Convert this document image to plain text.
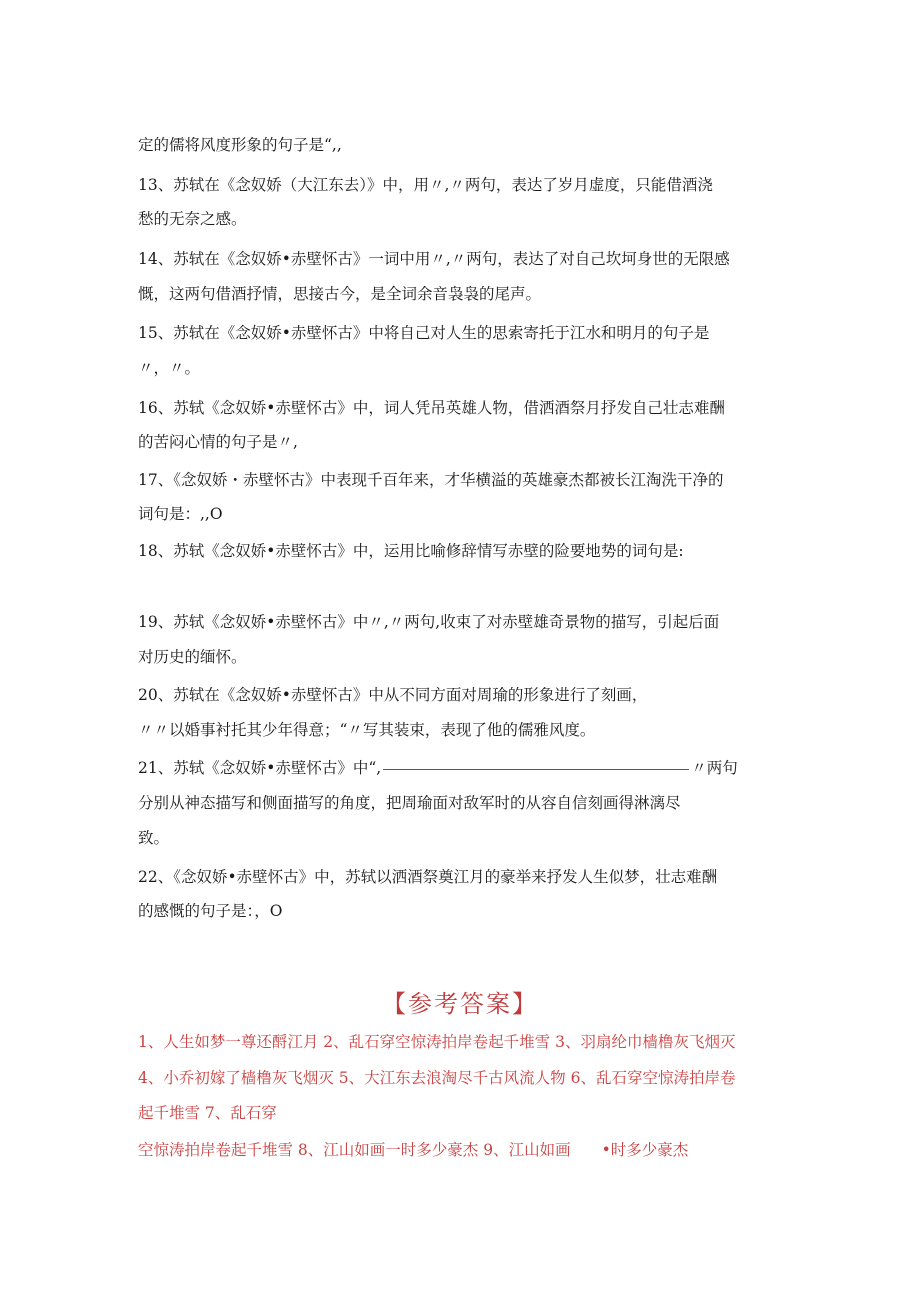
定的儒将风度形象的句子是“,,
13、苏轼在《念奴娇（大江东去）》中，用〃,〃两句，表达了岁月虚度，只能借酒浇
愁的无奈之感。
14、苏轼在《念奴娇•赤壁怀古》一词中用〃,〃两句，表达了对自己坎坷身世的无限感
慨，这两句借酒抒情，思接古今，是全词余音袅袅的尾声。
15、苏轼在《念奴娇•赤壁怀古》中将自己对人生的思索寄托于江水和明月的句子是
〃，〃。
16、苏轼《念奴娇•赤壁怀古》中，词人凭吊英雄人物，借洒酒祭月抒发自己壮志难酬
的苦闷心情的句子是〃,
17、《念奴娇・赤壁怀古》中表现千百年来，才华横溢的英雄豪杰都被长江淘洗干净的
词句是：,,O
18、苏轼《念奴娇•赤壁怀古》中，运用比喻修辞情写赤壁的险要地势的词句是:
19、苏轼《念奴娇•赤壁怀古》中〃,〃两句,收束了对赤壁雄奇景物的描写，引起后面
对历史的缅怀。
20、苏轼在《念奴娇•赤壁怀古》中从不同方面对周瑜的形象进行了刻画，
〃〃以婚事衬托其少年得意；“〃写其装束，表现了他的儒雅风度。
21、苏轼《念奴娇•赤壁怀古》中“,	〃两句
分别从神态描写和侧面描写的角度，把周瑜面对敌军时的从容自信刻画得淋漓尽
致。
22、《念奴娇•赤壁怀古》中，苏轼以洒酒祭奠江月的豪举来抒发人生似梦，壮志难酬
的感慨的句子是：，O
【参考答案】
1、人生如梦一尊还酹江月 2、乱石穿空惊涛拍岸卷起千堆雪 3、羽扇纶巾樯橹灰飞烟灭
4、小乔初嫁了樯橹灰飞烟灭 5、大江东去浪淘尽千古风流人物 6、乱石穿空惊涛拍岸卷
起千堆雪 7、乱石穿
空惊涛拍岸卷起千堆雪 8、江山如画一时多少豪杰 9、江山如画　　•时多少豪杰
